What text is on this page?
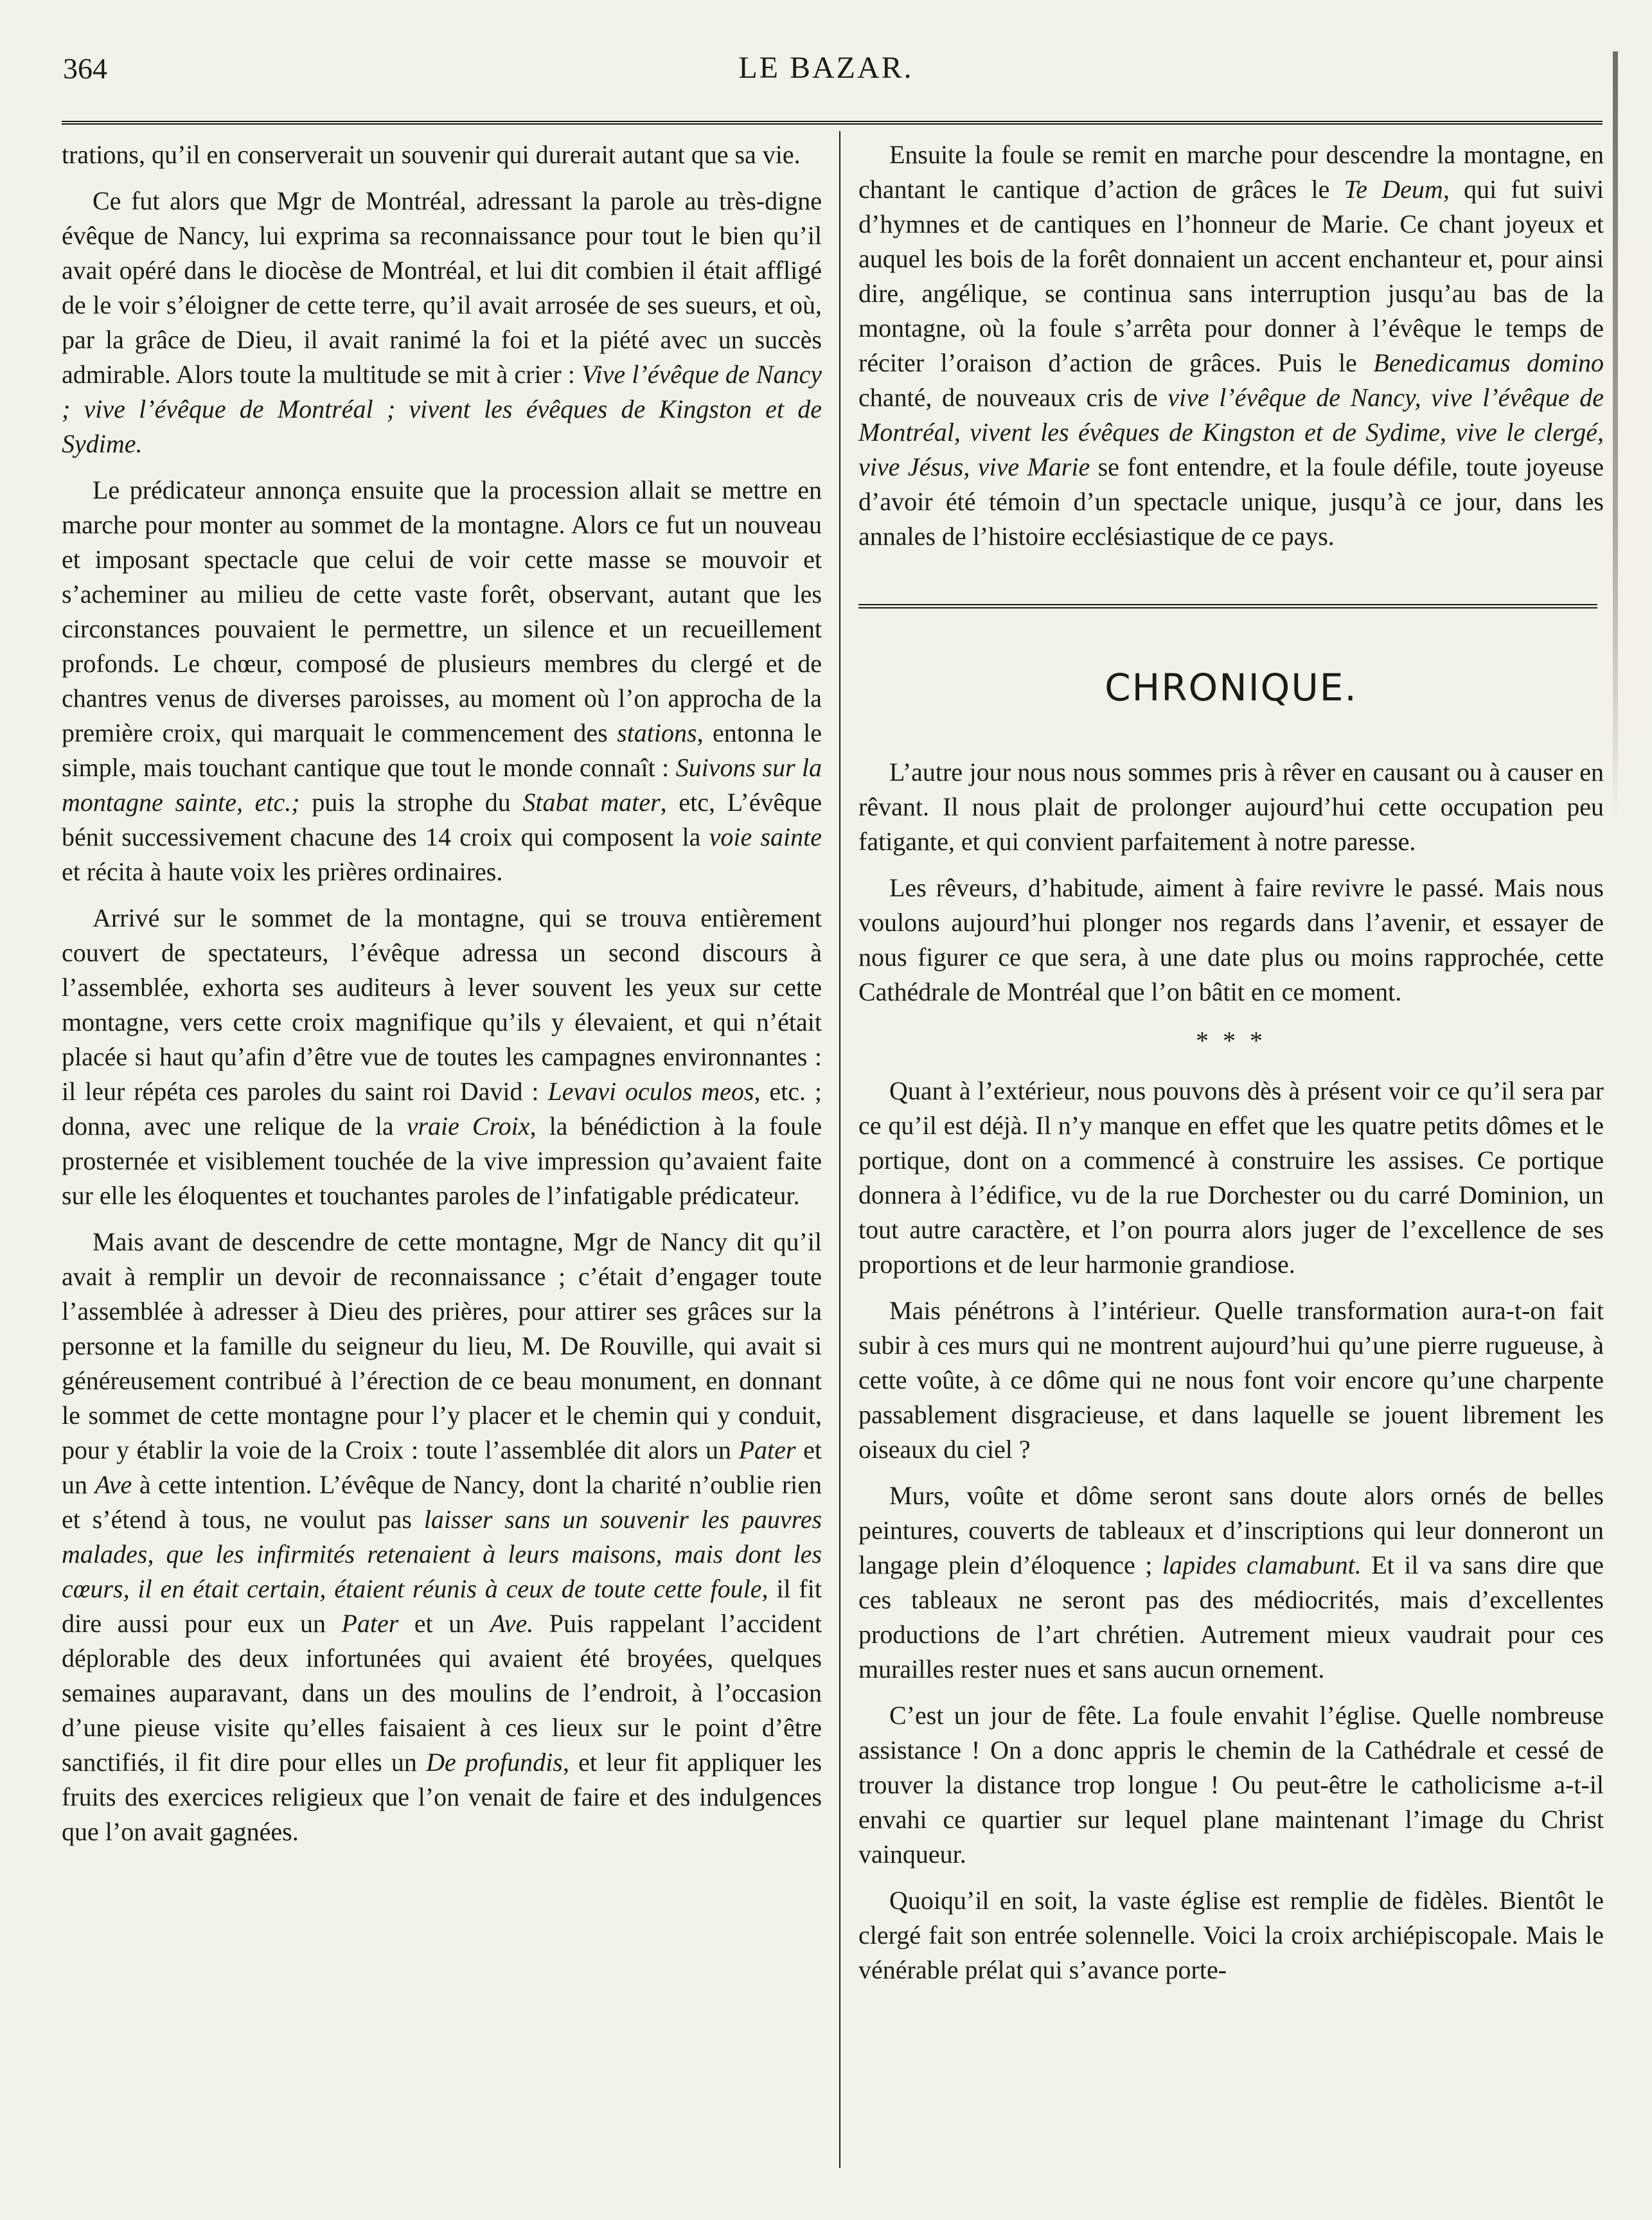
364	LE BAZAR.

trations, qu’il en conserverait un souvenir qui durerait autant que sa vie.

Ce fut alors que Mgr de Montréal, adressant la parole au très-digne évêque de Nancy, lui exprima sa reconnaissance pour tout le bien qu’il avait opéré dans le diocèse de Montréal, et lui dit combien il était affligé de le voir s’éloigner de cette terre, qu’il avait arrosée de ses sueurs, et où, par la grâce de Dieu, il avait ranimé la foi et la piété avec un succès admirable. Alors toute la multitude se mit à crier : Vive l’évêque de Nancy ; vive l’évêque de Montréal ; vivent les évêques de Kingston et de Sydime.

Le prédicateur annonça ensuite que la procession allait se mettre en marche pour monter au sommet de la montagne. Alors ce fut un nouveau et imposant spectacle que celui de voir cette masse se mouvoir et s’acheminer au milieu de cette vaste forêt, observant, autant que les circonstances pouvaient le permettre, un silence et un recueillement profonds. Le chœur, composé de plusieurs membres du clergé et de chantres venus de diverses paroisses, au moment où l’on approcha de la première croix, qui marquait le commencement des stations, entonna le simple, mais touchant cantique que tout le monde connaît : Suivons sur la montagne sainte, etc.; puis la strophe du Stabat mater, etc, L’évêque bénit successivement chacune des 14 croix qui composent la voie sainte et récita à haute voix les prières ordinaires.

Arrivé sur le sommet de la montagne, qui se trouva entièrement couvert de spectateurs, l’évêque adressa un second discours à l’assemblée, exhorta ses auditeurs à lever souvent les yeux sur cette montagne, vers cette croix magnifique qu’ils y élevaient, et qui n’était placée si haut qu’afin d’être vue de toutes les campagnes environnantes : il leur répéta ces paroles du saint roi David : Levavi oculos meos, etc. ; donna, avec une relique de la vraie Croix, la bénédiction à la foule prosternée et visiblement touchée de la vive impression qu’avaient faite sur elle les éloquentes et touchantes paroles de l’infatigable prédicateur.

Mais avant de descendre de cette montagne, Mgr de Nancy dit qu’il avait à remplir un devoir de reconnaissance ; c’était d’engager toute l’assemblée à adresser à Dieu des prières, pour attirer ses grâces sur la personne et la famille du seigneur du lieu, M. De Rouville, qui avait si généreusement contribué à l’érection de ce beau monument, en donnant le sommet de cette montagne pour l’y placer et le chemin qui y conduit, pour y établir la voie de la Croix : toute l’assemblée dit alors un Pater et un Ave à cette intention. L’évêque de Nancy, dont la charité n’oublie rien et s’étend à tous, ne voulut pas laisser sans un souvenir les pauvres malades, que les infirmités retenaient à leurs maisons, mais dont les cœurs, il en était certain, étaient réunis à ceux de toute cette foule, il fit dire aussi pour eux un Pater et un Ave. Puis rappelant l’accident déplorable des deux infortunées qui avaient été broyées, quelques semaines auparavant, dans un des moulins de l’endroit, à l’occasion d’une pieuse visite qu’elles faisaient à ces lieux sur le point d’être sanctifiés, il fit dire pour elles un De profundis, et leur fit appliquer les fruits des exercices religieux que l’on venait de faire et des indulgences que l’on avait gagnées.

Ensuite la foule se remit en marche pour descendre la montagne, en chantant le cantique d’action de grâces le Te Deum, qui fut suivi d’hymnes et de cantiques en l’honneur de Marie. Ce chant joyeux et auquel les bois de la forêt donnaient un accent enchanteur et, pour ainsi dire, angélique, se continua sans interruption jusqu’au bas de la montagne, où la foule s’arrêta pour donner à l’évêque le temps de réciter l’oraison d’action de grâces. Puis le Benedicamus domino chanté, de nouveaux cris de vive l’évêque de Nancy, vive l’évêque de Montréal, vivent les évêques de Kingston et de Sydime, vive le clergé, vive Jésus, vive Marie se font entendre, et la foule défile, toute joyeuse d’avoir été témoin d’un spectacle unique, jusqu’à ce jour, dans les annales de l’histoire ecclésiastique de ce pays.

CHRONIQUE.

L’autre jour nous nous sommes pris à rêver en causant ou à causer en rêvant. Il nous plait de prolonger aujourd’hui cette occupation peu fatigante, et qui convient parfaitement à notre paresse.

Les rêveurs, d’habitude, aiment à faire revivre le passé. Mais nous voulons aujourd’hui plonger nos regards dans l’avenir, et essayer de nous figurer ce que sera, à une date plus ou moins rapprochée, cette Cathédrale de Montréal que l’on bâtit en ce moment.

* * *

Quant à l’extérieur, nous pouvons dès à présent voir ce qu’il sera par ce qu’il est déjà. Il n’y manque en effet que les quatre petits dômes et le portique, dont on a commencé à construire les assises. Ce portique donnera à l’édifice, vu de la rue Dorchester ou du carré Dominion, un tout autre caractère, et l’on pourra alors juger de l’excellence de ses proportions et de leur harmonie grandiose.

Mais pénétrons à l’intérieur. Quelle transformation aura-t-on fait subir à ces murs qui ne montrent aujourd’hui qu’une pierre rugueuse, à cette voûte, à ce dôme qui ne nous font voir encore qu’une charpente passablement disgracieuse, et dans laquelle se jouent librement les oiseaux du ciel ?

Murs, voûte et dôme seront sans doute alors ornés de belles peintures, couverts de tableaux et d’inscriptions qui leur donneront un langage plein d’éloquence ; lapides clamabunt. Et il va sans dire que ces tableaux ne seront pas des médiocrités, mais d’excellentes productions de l’art chrétien. Autrement mieux vaudrait pour ces murailles rester nues et sans aucun ornement.

C’est un jour de fête. La foule envahit l’église. Quelle nombreuse assistance ! On a donc appris le chemin de la Cathédrale et cessé de trouver la distance trop longue ! Ou peut-être le catholicisme a-t-il envahi ce quartier sur lequel plane maintenant l’image du Christ vainqueur.

Quoiqu’il en soit, la vaste église est remplie de fidèles. Bientôt le clergé fait son entrée solennelle. Voici la croix archiépiscopale. Mais le vénérable prélat qui s’avance porte-
